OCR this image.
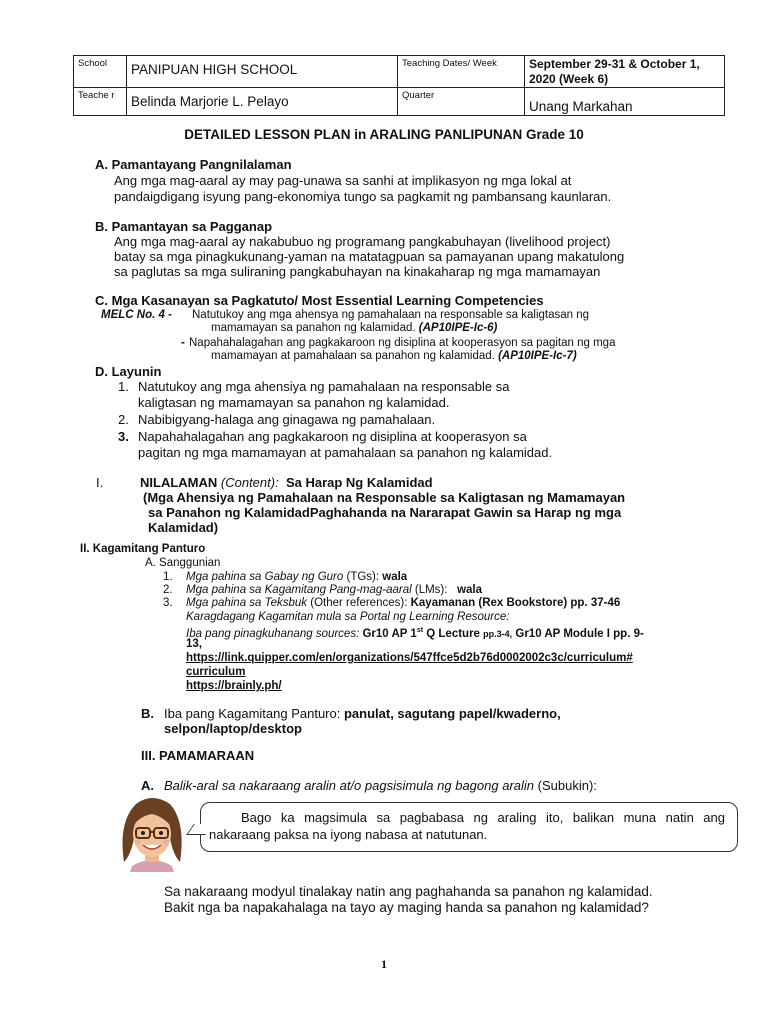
School	PANIPUAN HIGH SCHOOL	Teaching Dates/ Week	September 29-31 & October 1, 2020 (Week 6)
Teache r	Belinda Marjorie L. Pelayo	Quarter	Unang Markahan
DETAILED LESSON PLAN in ARALING PANLIPUNAN Grade 10
A. Pamantayang Pangnilalaman
Ang mga mag-aaral ay may pag-unawa sa sanhi at implikasyon ng mga lokal at
pandaigdigang isyung pang-ekonomiya tungo sa pagkamit ng pambansang kaunlaran.
B. Pamantayan sa Pagganap
Ang mga mag-aaral ay nakabubuo ng programang pangkabuhayan (livelihood project)
batay sa mga pinagkukunang-yaman na matatagpuan sa pamayanan upang makatulong
sa paglutas sa mga suliraning pangkabuhayan na kinakaharap ng mga mamamayan
C. Mga Kasanayan sa Pagkatuto/ Most Essential Learning Competencies
MELC No. 4 - Natutukoy ang mga ahensya ng pamahalaan na responsable sa kaligtasan ng
mamamayan sa panahon ng kalamidad. (AP10IPE-Ic-6)
- Napahahalagahan ang pagkakaroon ng disiplina at kooperasyon sa pagitan ng mga
mamamayan at pamahalaan sa panahon ng kalamidad. (AP10IPE-Ic-7)
D. Layunin
1. Natutukoy ang mga ahensiya ng pamahalaan na responsable sa
kaligtasan ng mamamayan sa panahon ng kalamidad.
2. Nabibigyang-halaga ang ginagawa ng pamahalaan.
3. Napahahalagahan ang pagkakaroon ng disiplina at kooperasyon sa
pagitan ng mga mamamayan at pamahalaan sa panahon ng kalamidad.
I.	NILALAMAN (Content): Sa Harap Ng Kalamidad
(Mga Ahensiya ng Pamahalaan na Responsable sa Kaligtasan ng Mamamayan
sa Panahon ng KalamidadPaghahanda na Nararapat Gawin sa Harap ng mga
Kalamidad)
II. Kagamitang Panturo
A. Sanggunian
1. Mga pahina sa Gabay ng Guro (TGs): wala
2. Mga pahina sa Kagamitang Pang-mag-aaral (LMs): wala
3. Mga pahina sa Teksbuk (Other references): Kayamanan (Rex Bookstore) pp. 37-46
Karagdagang Kagamitan mula sa Portal ng Learning Resource:
Iba pang pinagkuhanang sources: Gr10 AP 1st Q Lecture pp.3-4, Gr10 AP Module I pp. 9-
13,
https://link.quipper.com/en/organizations/547ffce5d2b76d0002002c3c/curriculum#
curriculum
https://brainly.ph/
B. Iba pang Kagamitang Panturo: panulat, sagutang papel/kwaderno,
selpon/laptop/desktop
III. PAMAMARAAN
A. Balik-aral sa nakaraang aralin at/o pagsisimula ng bagong aralin (Subukin):
Bago ka magsimula sa pagbabasa ng araling ito, balikan muna natin ang nakaraang paksa na iyong nabasa at natutunan.
Sa nakaraang modyul tinalakay natin ang paghahanda sa panahon ng kalamidad.
Bakit nga ba napakahalaga na tayo ay maging handa sa panahon ng kalamidad?
1
